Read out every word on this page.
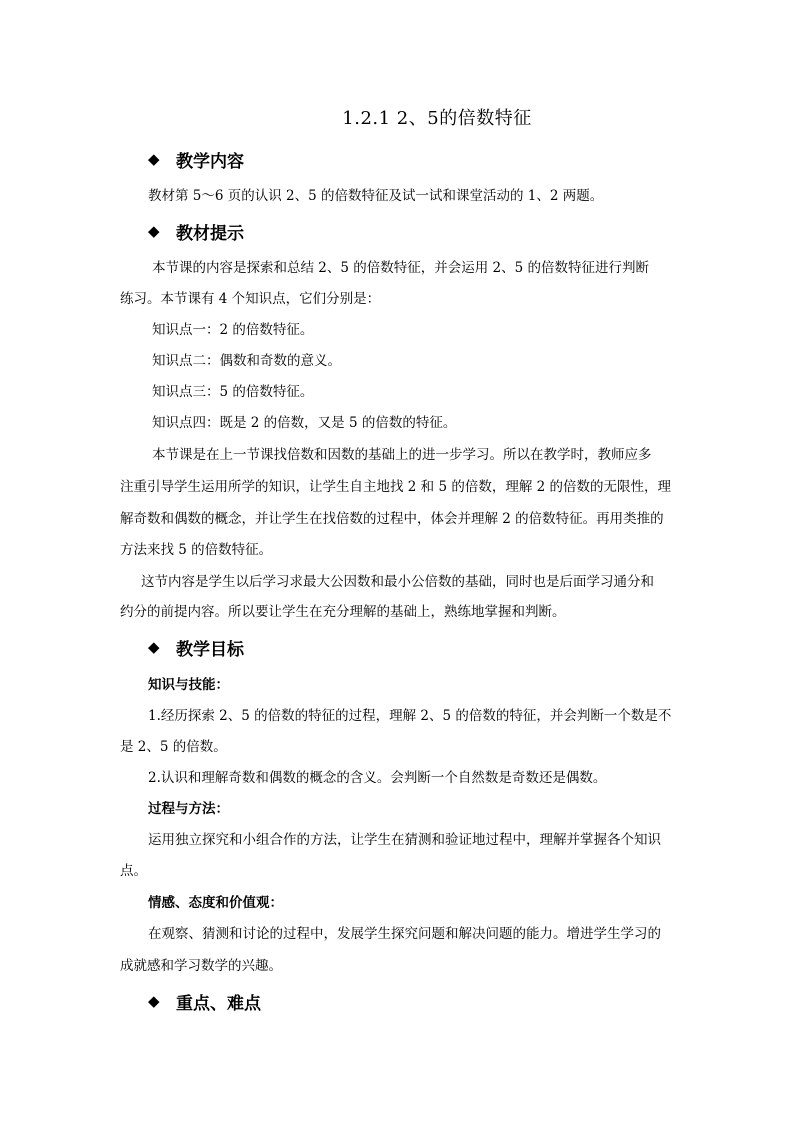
1.2.1 2、5的倍数特征
◆ 教学内容
教材第 5～6 页的认识 2、5 的倍数特征及试一试和课堂活动的 1、2 两题。
◆ 教材提示
本节课的内容是探索和总结 2、5 的倍数特征，并会运用 2、5 的倍数特征进行判断
练习。本节课有 4 个知识点，它们分别是：
知识点一：2 的倍数特征。
知识点二：偶数和奇数的意义。
知识点三：5 的倍数特征。
知识点四：既是 2 的倍数，又是 5 的倍数的特征。
本节课是在上一节课找倍数和因数的基础上的进一步学习。所以在教学时，教师应多
注重引导学生运用所学的知识，让学生自主地找 2 和 5 的倍数，理解 2 的倍数的无限性，理
解奇数和偶数的概念，并让学生在找倍数的过程中，体会并理解 2 的倍数特征。再用类推的
方法来找 5 的倍数特征。
这节内容是学生以后学习求最大公因数和最小公倍数的基础，同时也是后面学习通分和
约分的前提内容。所以要让学生在充分理解的基础上，熟练地掌握和判断。
◆ 教学目标
知识与技能：
1.经历探索 2、5 的倍数的特征的过程，理解 2、5 的倍数的特征，并会判断一个数是不
是 2、5 的倍数。
2.认识和理解奇数和偶数的概念的含义。会判断一个自然数是奇数还是偶数。
过程与方法：
运用独立探究和小组合作的方法，让学生在猜测和验证地过程中，理解并掌握各个知识
点。
情感、态度和价值观：
在观察、猜测和讨论的过程中，发展学生探究问题和解决问题的能力。增进学生学习的
成就感和学习数学的兴趣。
◆ 重点、难点
